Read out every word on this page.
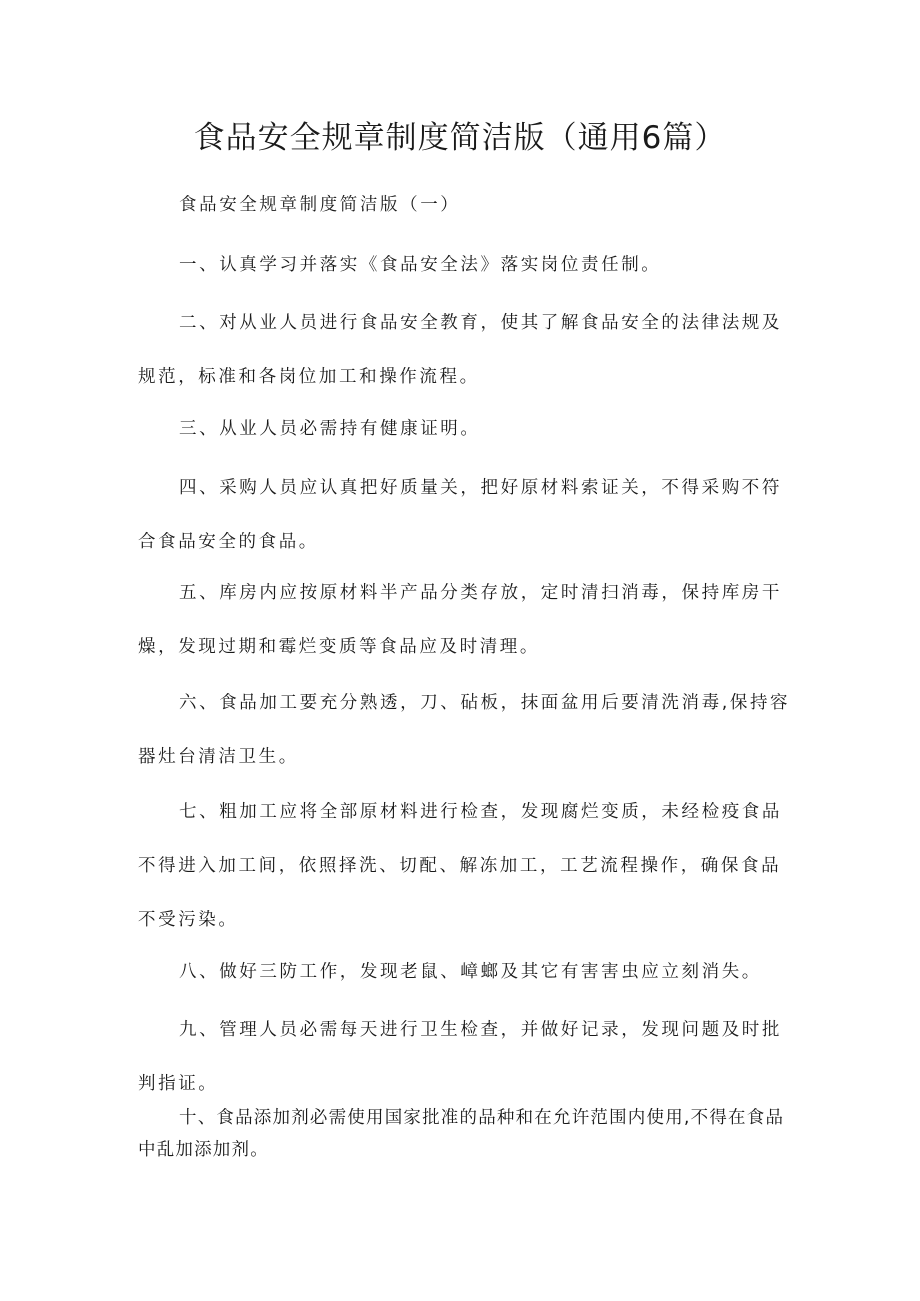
食品安全规章制度简洁版（通用6篇）

食品安全规章制度简洁版（一）

一、认真学习并落实《食品安全法》落实岗位责任制。

二、对从业人员进行食品安全教育，使其了解食品安全的法律法规及规范，标准和各岗位加工和操作流程。

三、从业人员必需持有健康证明。

四、采购人员应认真把好质量关，把好原材料索证关，不得采购不符合食品安全的食品。

五、库房内应按原材料半产品分类存放，定时清扫消毒，保持库房干燥，发现过期和霉烂变质等食品应及时清理。

六、食品加工要充分熟透，刀、砧板，抹面盆用后要清洗消毒,保持容器灶台清洁卫生。

七、粗加工应将全部原材料进行检查，发现腐烂变质，未经检疫食品不得进入加工间，依照择洗、切配、解冻加工，工艺流程操作，确保食品不受污染。

八、做好三防工作，发现老鼠、嶂螂及其它有害害虫应立刻消失。

九、管理人员必需每天进行卫生检查，并做好记录，发现问题及时批判指证。

十、食品添加剂必需使用国家批准的品种和在允许范围内使用,不得在食品中乱加添加剂。
